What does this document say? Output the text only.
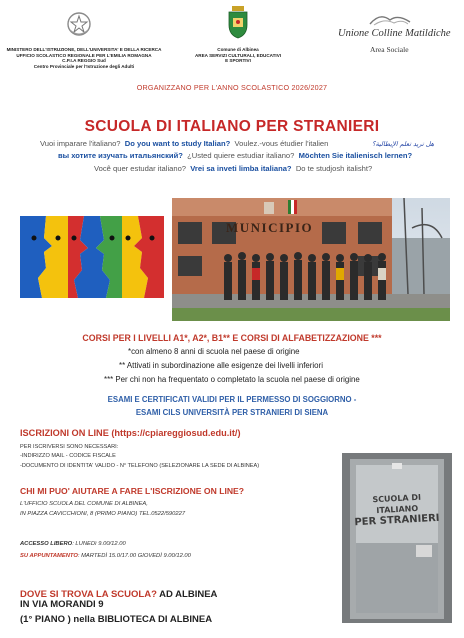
MINISTERO DELL'ISTRUZIONE, DELL'UNIVERSITA' E DELLA RICERCA
UFFICIO SCOLASTICO REGIONALE PER L'EMILIA ROMAGNA
C.P.I.A REGGIO Sud
Centro Provinciale per l'Istruzione degli Adulti
Comune di Albinea
AREA SERVIZI CULTURALI, EDUCATIVI
E SPORTIVI
Unione Colline Matildiche
Area Sociale
ORGANIZZANO PER L'ANNO SCOLASTICO 2026/2027
SCUOLA DI ITALIANO PER STRANIERI
Vuoi imparare l'italiano? Do you want to study Italian? Voulez.-vous étudier l'italien	هل تريد تعلم الإيطالية؟
вы хотите изучать итальянский? ¿Usted quiere estudiar italiano? Möchten Sie italienisch lernen?
Você quer estudar italiano? Vrei sa inveti limba italiana? Do te studjosh italisht?
MUNICIPIO
CORSI PER I LIVELLI A1*, A2*, B1** E CORSI DI ALFABETIZZAZIONE ***
*con almeno 8 anni di scuola nel paese di origine
** Attivati in subordinazione alle esigenze dei livelli inferiori
*** Per chi non ha frequentato o completato la scuola nel paese di origine
ESAMI E CERTIFICATI VALIDI PER IL PERMESSO DI SOGGIORNO -
ESAMI CILS UNIVERSITÀ PER STRANIERI DI SIENA
ISCRIZIONI ON LINE (https://cpiareggiosud.edu.it/)
PER ISCRIVERSI SONO NECESSARI:
-INDIRIZZO MAIL - CODICE FISCALE
-DOCUMENTO DI IDENTITA' VALIDO - N° TELEFONO (SELEZIONARE LA SEDE DI ALBINEA)
CHI MI PUO' AIUTARE A FARE L'ISCRIZIONE ON LINE?
L'UFFICIO SCUOLA DEL COMUNE DI ALBINEA,
IN PIAZZA CAVICCHIONI, 8 (PRIMO PIANO) TEL.0522/590227
ACCESSO LIBERO: LUNEDì 9.00/12.00
SU APPUNTAMENTO: MARTEDÌ 15.0/17.00 GIOVEDÌ 9.00/12.00
DOVE SI TROVA LA SCUOLA? AD ALBINEA
IN VIA MORANDI 9
(1° PIANO ) nella BIBLIOTECA DI ALBINEA
SCUOLA DI ITALIANO
PER STRANIERI
